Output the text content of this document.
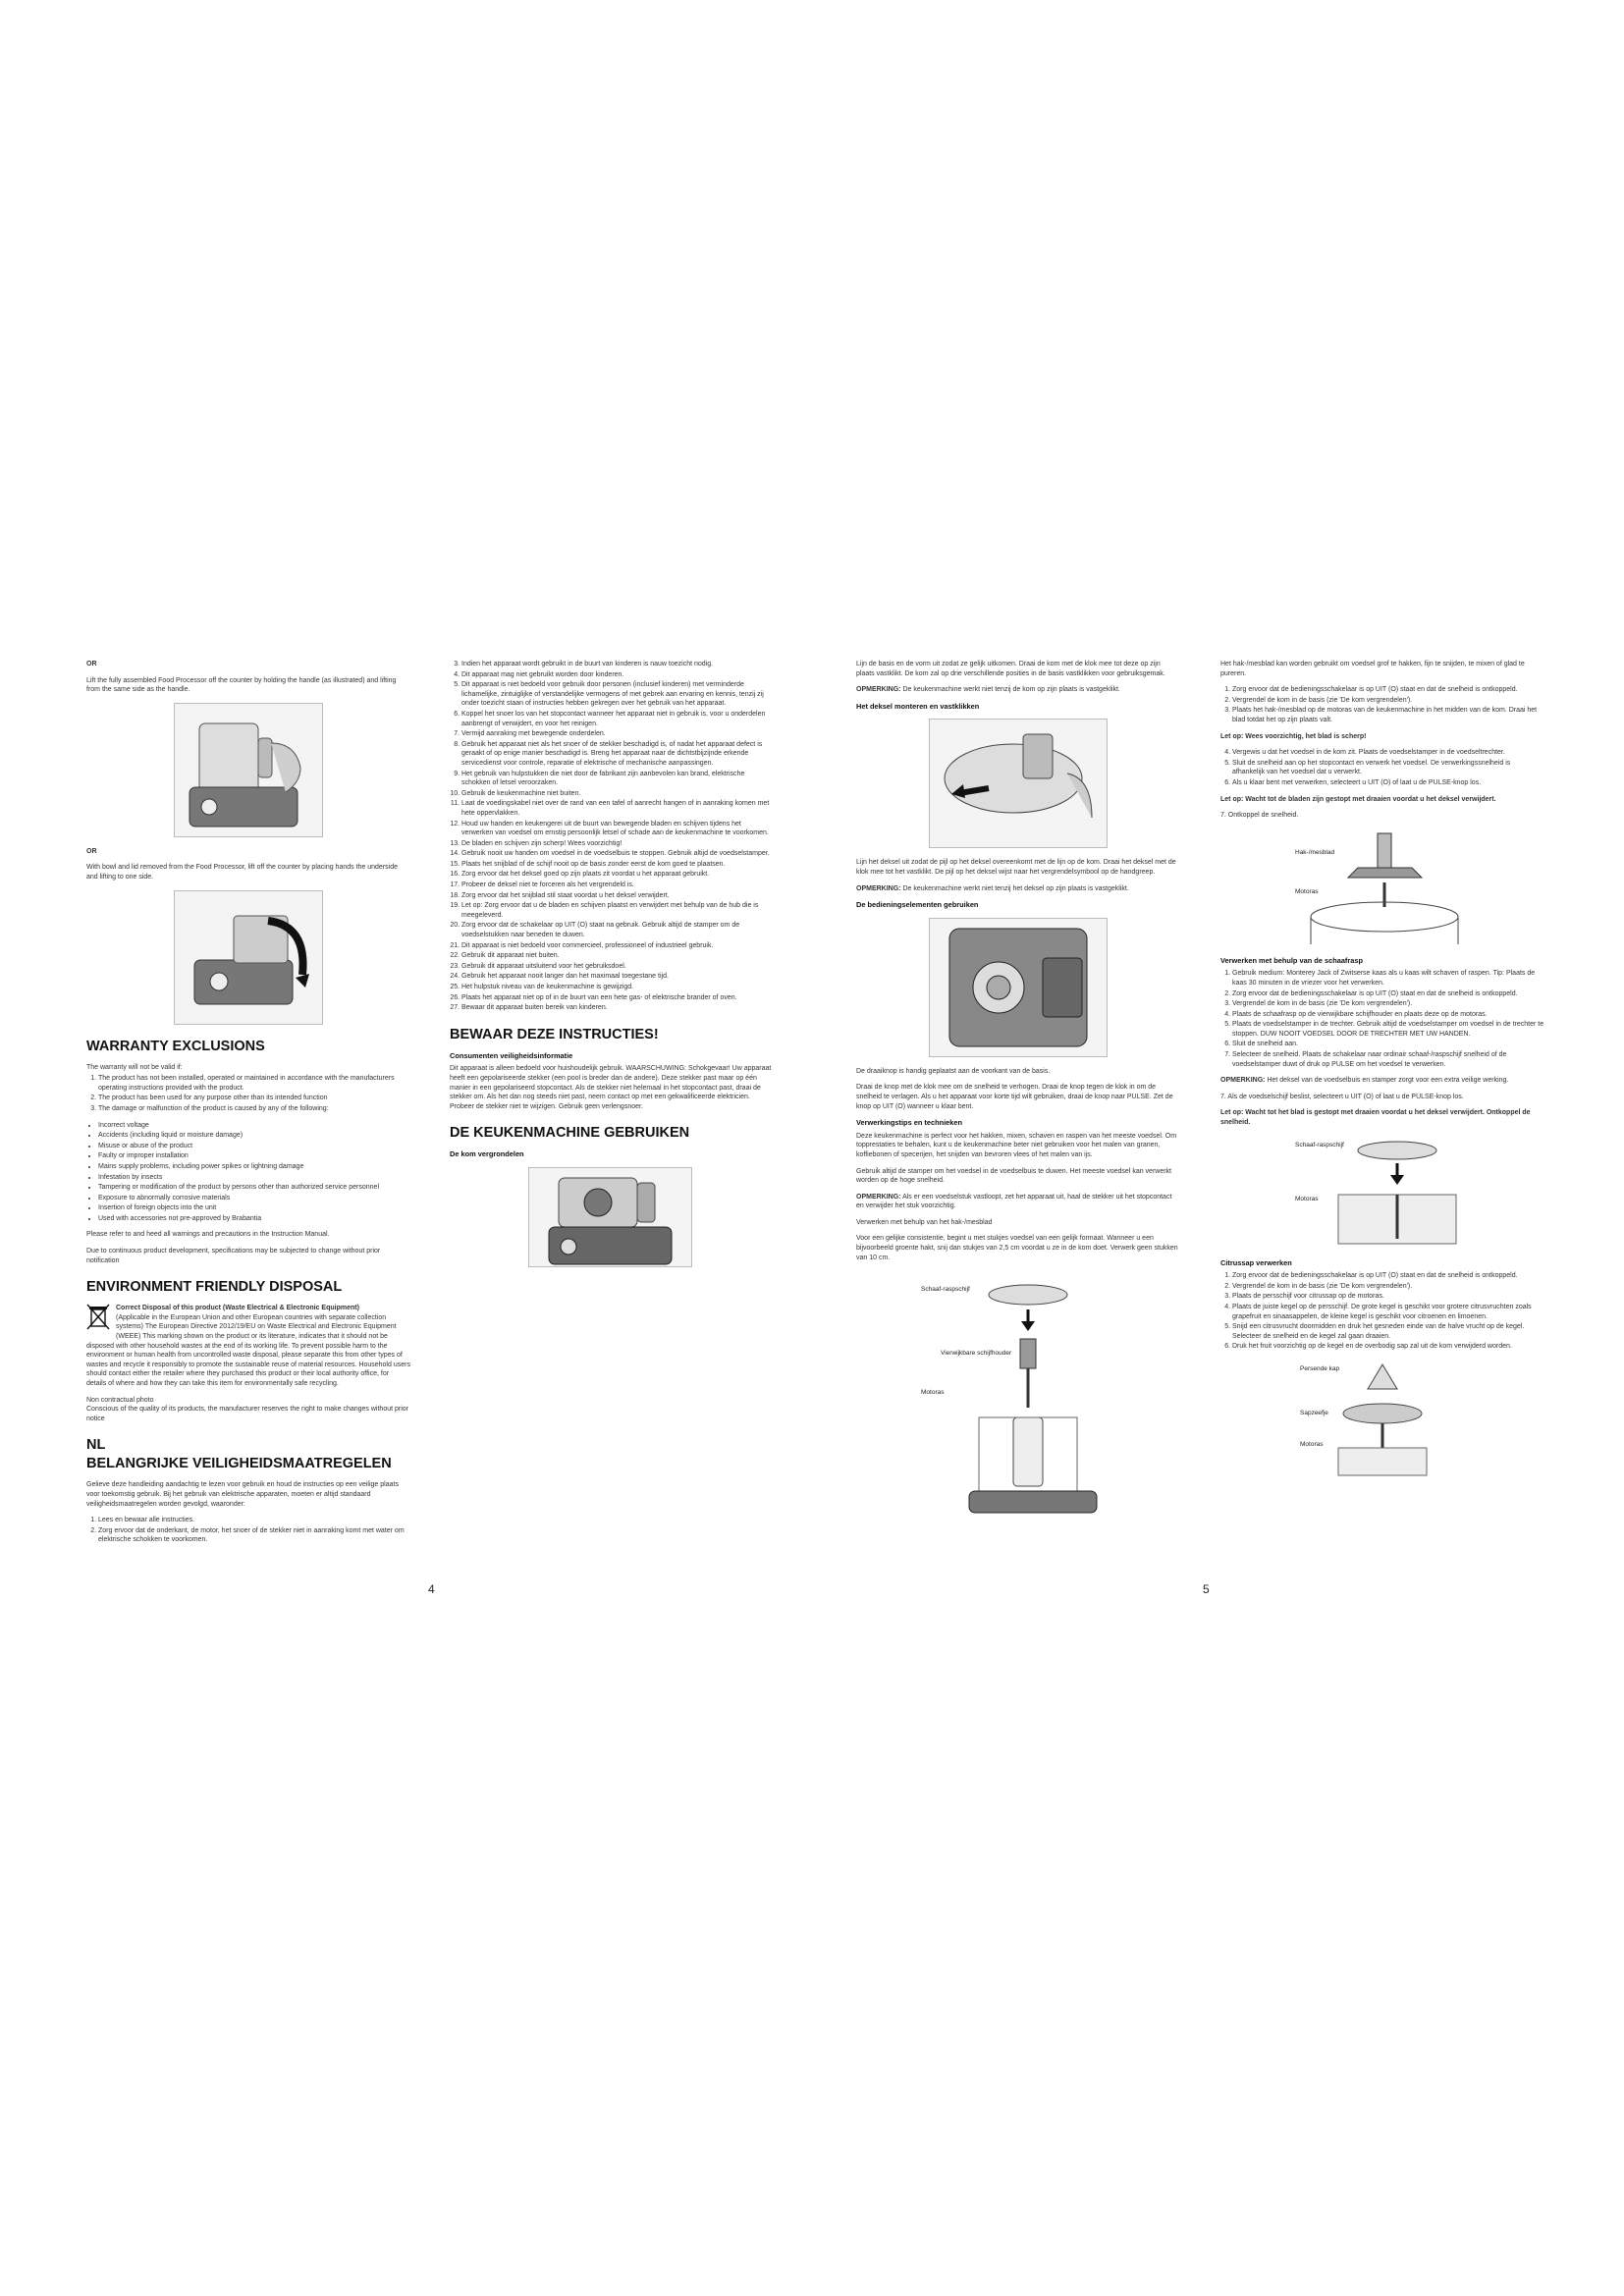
OR

Lift the fully assembled Food Processor off the counter by holding the handle (as illustrated) and lifting from the same side as the handle.

OR

With bowl and lid removed from the Food Processor, lift off the counter by placing hands the underside and lifting to one side.

WARRANTY EXCLUSIONS

The warranty will not be valid if:

1. The product has not been installed, operated or maintained in accordance with the manufacturers operating instructions provided with the product.
2. The product has been used for any purpose other than its intended function
3. The damage or malfunction of the product is caused by any of the following:
• Incorrect voltage
• Accidents (including liquid or moisture damage)
• Misuse or abuse of the product
• Faulty or improper installation
• Mains supply problems, including power spikes or lightning damage
• Infestation by insects
• Tampering or modification of the product by persons other than authorized service personnel
• Exposure to abnormally corrosive materials
• Insertion of foreign objects into the unit
• Used with accessories not pre-approved by Brabantia

Please refer to and heed all warnings and precautions in the Instruction Manual.

Due to continuous product development, specifications may be subjected to change without prior notification

ENVIRONMENT FRIENDLY DISPOSAL

Correct Disposal of this product (Waste Electrical & Electronic Equipment)

(Applicable in the European Union and other European countries with separate collection systems) The European Directive 2012/19/EU on Waste Electrical and Electronic Equipment (WEEE) This marking shown on the product or its literature, indicates that it should not be disposed with other household wastes at the end of its working life. To prevent possible harm to the environment or human health from uncontrolled waste disposal, please separate this from other types of wastes and recycle it responsibly to promote the sustainable reuse of material resources. Household users should contact either the retailer where they purchased this product or their local authority office, for details of where and how they can take this item for environmentally safe recycling.

Non contractual photo

Conscious of the quality of its products, the manufacturer reserves the right to make changes without prior notice

NL
BELANGRIJKE VEILIGHEIDSMAATREGELEN

Gelieve deze handleiding aandachtig te lezen voor gebruik en houd de instructies op een veilige plaats voor toekomstig gebruik. Bij het gebruik van elektrische apparaten, moeten er altijd standaard veiligheidsmaatregelen worden gevolgd, waaronder:

1. Lees en bewaar alle instructies.
2. Zorg ervoor dat de onderkant, de motor, het snoer of de stekker niet in aanraking komt met water om elektrische schokken te voorkomen.
3. Indien het apparaat wordt gebruikt in de buurt van kinderen is nauw toezicht nodig.
4. Dit apparaat mag niet gebruikt worden door kinderen.
5. Dit apparaat is niet bedoeld voor gebruik door personen (inclusief kinderen) met verminderde lichamelijke, zintuiglijke of verstandelijke vermogens of met gebrek aan ervaring en kennis, tenzij zij onder toezicht staan of instructies hebben gekregen over het gebruik van het apparaat.
6. Koppel het snoer los van het stopcontact wanneer het apparaat niet in gebruik is, voor u onderdelen aanbrengt of verwijdert, en voor het reinigen.
7. Vermijd aanraking met bewegende onderdelen.
8. Gebruik het apparaat niet als het snoer of de stekker beschadigd is, of nadat het apparaat defect is geraakt of op enige manier beschadigd is. Breng het apparaat naar de dichtstbijzijnde erkende servicedienst voor controle, reparatie of elektrische of mechanische aanpassingen.
9. Het gebruik van hulpstukken die niet door de fabrikant zijn aanbevolen kan brand, elektrische schokken of letsel veroorzaken.
10. Gebruik de keukenmachine niet buiten.
11. Laat de voedingskabel niet over de rand van een tafel of aanrecht hangen of in aanraking komen met hete oppervlakken.
12. Houd uw handen en keukengerei uit de buurt van bewegende bladen en schijven tijdens het verwerken van voedsel om ernstig persoonlijk letsel of schade aan de keukenmachine te voorkomen.
13. De bladen en schijven zijn scherp! Wees voorzichtig!
14. Gebruik nooit uw handen om voedsel in de voedselbuis te stoppen. Gebruik altijd de voedselstamper.
15. Plaats het snijblad of de schijf nooit op de basis zonder eerst de kom goed te plaatsen.
16. Zorg ervoor dat het deksel goed op zijn plaats zit voordat u het apparaat gebruikt.
17. Probeer de deksel niet te forceren als het vergrendeld is.
18. Zorg ervoor dat het snijblad stil staat voordat u het deksel verwijdert.
19. Let op: Zorg ervoor dat u de bladen en schijven plaatst en verwijdert met behulp van de hub die is meegeleverd.
20. Zorg ervoor dat de schakelaar op UIT (O) staat na gebruik. Gebruik altijd de stamper om de voedselstukken naar beneden te duwen.
21. Dit apparaat is niet bedoeld voor commercieel, professioneel of industrieel gebruik.
22. Gebruik dit apparaat niet buiten.
23. Gebruik dit apparaat uitsluitend voor het gebruiksdoel.
24. Gebruik het apparaat nooit langer dan het maximaal toegestane tijd.
25. Het hulpstuk niveau van de keukenmachine is gewijzigd.
26. Plaats het apparaat niet op of in de buurt van een hete gas- of elektrische brander of oven.
27. Bewaar dit apparaat buiten bereik van kinderen.
BEWAAR DEZE INSTRUCTIES!
Consumenten veiligheidsinformatie

Dit apparaat is alleen bedoeld voor huishoudelijk gebruik. WAARSCHUWING: Schokgevaar! Uw apparaat heeft een gepolariseerde stekker (een pool is breder dan de andere). Deze stekker past maar op één manier in een gepolariseerd stopcontact. Als de stekker niet helemaal in het stopcontact past, draai de stekker om. Als het dan nog steeds niet past, neem contact op met een gekwalificeerde elektricien. Probeer de stekker niet te wijzigen. Gebruik geen verlengsnoer.

DE KEUKENMACHINE GEBRUIKEN
De kom vergrondelen
4

Lijn de basis en de vorm uit zodat ze gelijk uitkomen. Draai de kom met de klok mee tot deze op zijn plaats vastklikt. De kom zal op drie verschillende posities in de basis vastklikken voor gebruiksgemak.

OPMERKING: De keukenmachine werkt niet tenzij de kom op zijn plaats is vastgeklikt.

Het deksel monteren en vastklikken

Lijn het deksel uit zodat de pijl op het deksel overeenkomt met de lijn op de kom. Draai het deksel met de klok mee tot het vastklikt. De pijl op het deksel wijst naar het vergrendelsymbool op de handgreep.

OPMERKING: De keukenmachine werkt niet tenzij het deksel op zijn plaats is vastgeklikt.

De bedieningselementen gebruiken

De draaiknop is handig geplaatst aan de voorkant van de basis.

Draai de knop met de klok mee om de snelheid te verhogen. Draai de knop tegen de klok in om de snelheid te verlagen. Als u het apparaat voor korte tijd wilt gebruiken, draai de knop naar PULSE. Zet de knop op UIT (O) wanneer u klaar bent.

Verwerkingstips en technieken

Deze keukenmachine is perfect voor het hakken, mixen, schaven en raspen van het meeste voedsel. Om topprestaties te behalen, kunt u de keukenmachine beter niet gebruiken voor het malen van granen, koffiebonen of specerijen, het snijden van bevroren vlees of het malen van ijs.

Gebruik altijd de stamper om het voedsel in de voedselbuis te duwen. Het meeste voedsel kan verwerkt worden op de hoge snelheid.

OPMERKING: Als er een voedselstuk vastloopt, zet het apparaat uit, haal de stekker uit het stopcontact en verwijder het stuk voorzichtig.

Verwerken met behulp van het hak-/mesblad

Voor een gelijke consistentie, begint u met stukjes voedsel van een gelijk formaat. Wanneer u een bijvoorbeeld groente hakt, snij dan stukjes van 2,5 cm voordat u ze in de kom doet. Verwerk geen stukken van 10 cm.

Schaaf-raspschijf
Vierwijkbare schijfhouder
Motoras

Het hak-/mesblad kan worden gebruikt om voedsel grof te hakken, fijn te snijden, te mixen of glad te pureren.

1. Zorg ervoor dat de bedieningsschakelaar is op UIT (O) staat en dat de snelheid is ontkoppeld.
2. Vergrendel de kom in de basis (zie 'De kom vergrendelen').
3. Plaats het hak-/mesblad op de motoras van de keukenmachine in het midden van de kom. Draai het blad totdat het op zijn plaats valt.

Let op: Wees voorzichtig, het blad is scherp!

4. Vergewis u dat het voedsel in de kom zit. Plaats de voedselstamper in de voedseltrechter.
5. Sluit de snelheid aan op het stopcontact en verwerk het voedsel. De verwerkingssnelheid is afhankelijk van het voedsel dat u verwerkt.
6. Als u klaar bent met verwerken, selecteert u UIT (O) of laat u de PULSE-knop los.

Let op: Wacht tot de bladen zijn gestopt met draaien voordat u het deksel verwijdert.

7. Ontkoppel de snelheid.

Hak-/mesblad
Motoras
Verwerken met behulp van de schaafrasp
1. Gebruik medium: Monterey Jack of Zwitserse kaas als u kaas wilt schaven of raspen. Tip: Plaats de kaas 30 minuten in de vriezer voor het verwerken.
2. Zorg ervoor dat de bedieningsschakelaar is op UIT (O) staat en dat de snelheid is ontkoppeld.
3. Vergrendel de kom in de basis (zie 'De kom vergrendelen').
4. Plaats de schaafrasp op de vierwijkbare schijfhouder en plaats deze op de motoras.
5. Plaats de voedselstamper in de trechter. Gebruik altijd de voedselstamper om voedsel in de trechter te stoppen. DUW NOOIT VOEDSEL DOOR DE TRECHTER MET UW HANDEN.
6. Sluit de snelheid aan.
7. Selecteer de snelheid. Plaats de schakelaar naar ordinair schaaf-/raspschijf snelheid of de voedselstamper duwt of druk op PULSE om het voedsel te verwerken.

OPMERKING: Het deksel van de voedselbuis en stamper zorgt voor een extra veilige werking.

7. Als de voedselschijf beslist, selecteert u UIT (O) of laat u de PULSE-knop los.

Let op: Wacht tot het blad is gestopt met draaien voordat u het deksel verwijdert. Ontkoppel de snelheid.

Schaaf-raspschijf
Motoras
Citrussap verwerken
1. Zorg ervoor dat de bedieningsschakelaar is op UIT (O) staat en dat de snelheid is ontkoppeld.
2. Vergrendel de kom in de basis (zie 'De kom vergrendelen').
3. Plaats de persschijf voor citrussap op de motoras.
4. Plaats de juiste kegel op de persschijf. De grote kegel is geschikt voor grotere citrusvruchten zoals grapefruit en sinaasappelen, de kleine kegel is geschikt voor citroenen en limoenen.
5. Snijd een citrusvrucht doormidden en druk het gesneden einde van de halve vrucht op de kegel. Selecteer de snelheid en de kegel zal gaan draaien.
6. Druk het fruit voorzichtig op de kegel en de overbodig sap zal uit de kom verwijderd worden.
Persende kap
Sapzeefje
Motoras
5
